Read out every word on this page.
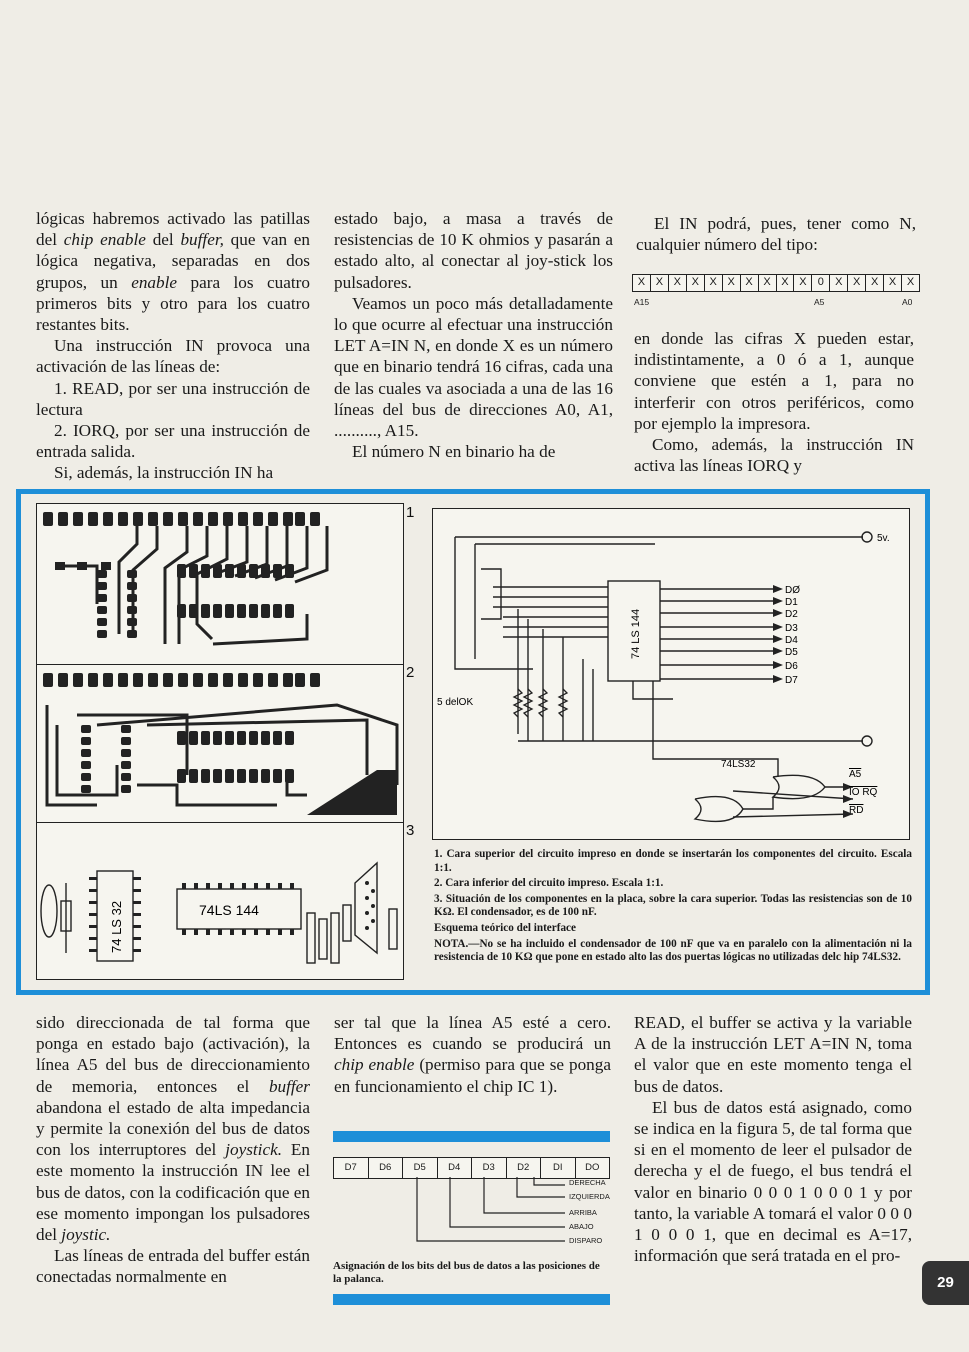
lógicas habremos activado las patillas del chip enable del buffer, que van en lógica negativa, separadas en dos grupos, un enable para los cuatro primeros bits y otro para los cuatro restantes bits.

Una instrucción IN provoca una activación de las líneas de:

1. READ, por ser una instrucción de lectura

2. IORQ, por ser una instrucción de entrada salida.

Si, además, la instrucción IN ha

estado bajo, a masa a través de resistencias de 10 K ohmios y pasarán a estado alto, al conectar al joy-stick los pulsadores.

Veamos un poco más detalladamente lo que ocurre al efectuar una instrucción LET A=IN N, en donde X es un número que en binario tendrá 16 cifras, cada una de las cuales va asociada a una de las 16 líneas del bus de direcciones A0, A1, .........., A15.

El número N en binario ha de

El IN podrá, pues, tener como N, cualquier número del tipo:

X X X X X X X X X X	0	X X X X X
A15	A5	A0

en donde las cifras X pueden estar, indistintamente, a 0 ó a 1, aunque conviene que estén a 1, para no interferir con otros periféricos, como por ejemplo la impresora.

Como, además, la instrucción IN activa las líneas IORQ y

1
2
74 LS 32	74LS 144
3
5v.
74 LS 144
5 delOK
74LS32
DØ
D1
D2
D3
D4
D5
D6
D7
A5
IO RQ
RD

1. Cara superior del circuito impreso en donde se insertarán los componentes del circuito. Escala 1:1.

2. Cara inferior del circuito impreso. Escala 1:1.

3. Situación de los componentes en la placa, sobre la cara superior. Todas las resistencias son de 10 KΩ. El condensador, es de 100 nF.

Esquema teórico del interface

NOTA.—No se ha incluido el condensador de 100 nF que va en paralelo con la alimentación ni la resistencia de 10 KΩ que pone en estado alto las dos puertas lógicas no utilizadas delc hip 74LS32.

sido direccionada de tal forma que ponga en estado bajo (activación), la línea A5 del bus de direccionamiento de memoria, entonces el buffer abandona el estado de alta impedancia y permite la conexión del bus de datos con los interruptores del joystick. En este momento la instrucción IN lee el bus de datos, con la codificación que en ese momento impongan los pulsadores del joystic.

Las líneas de entrada del buffer están conectadas normalmente en

ser tal que la línea A5 esté a cero. Entonces es cuando se producirá un chip enable (permiso para que se ponga en funcionamiento el chip IC 1).

READ, el buffer se activa y la variable A de la instrucción LET A=IN N, toma el valor que en este momento tenga el bus de datos.

El bus de datos está asignado, como se indica en la figura 5, de tal forma que si en el momento de leer el pulsador de derecha y el de fuego, el bus tendrá el valor en binario 0 0 0 1 0 0 0 1 y por tanto, la variable A tomará el valor 0 0 0 1 0 0 0 1, que en decimal es A=17, información que será tratada en el pro-

D7	D6	D5	D4	D3	D2	DI	DO
DERECHA
IZQUIERDA
ARRIBA
ABAJO
DISPARO
Asignación de los bits del bus de datos a las posiciones de la palanca.	29
